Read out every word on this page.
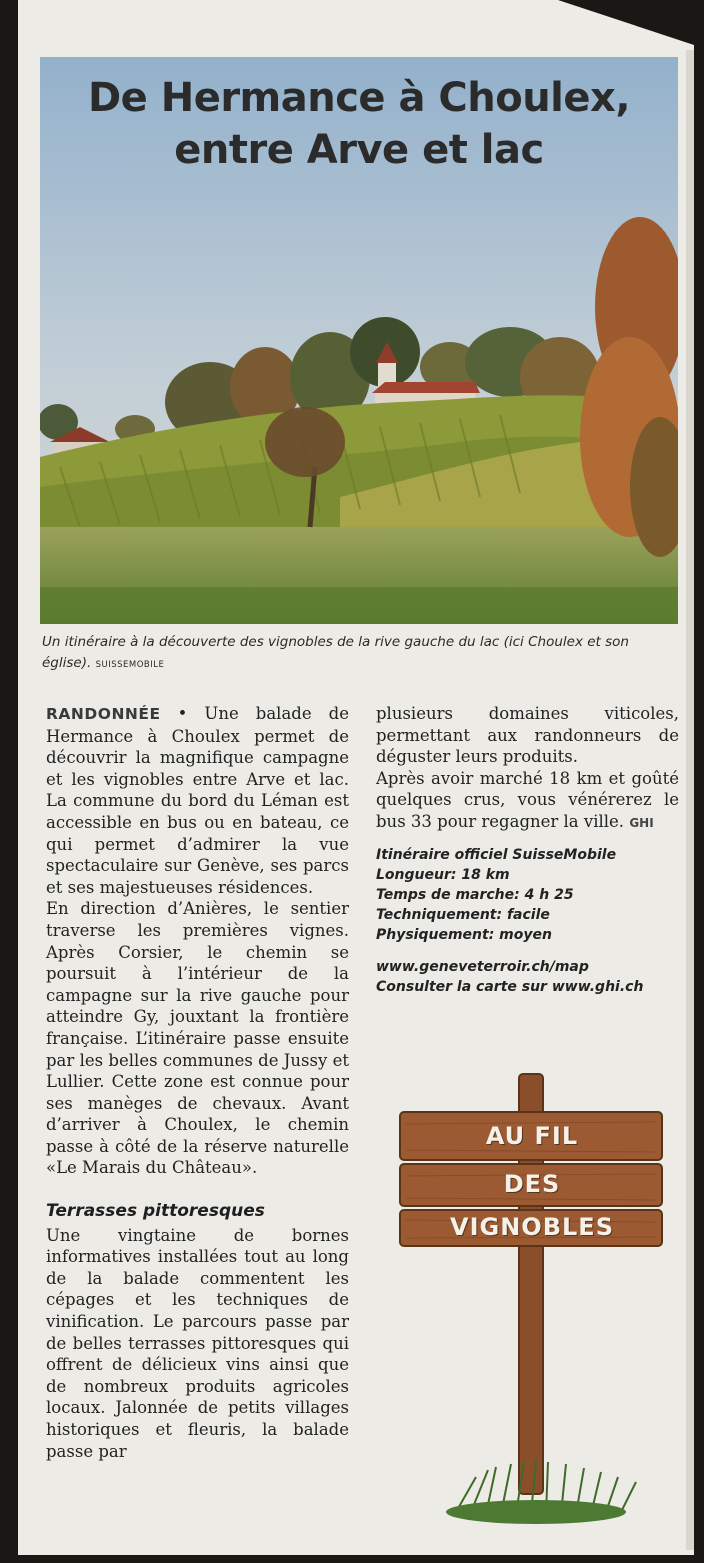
De Hermance à Choulex,
entre Arve et lac
Un itinéraire à la découverte des vignobles de la rive gauche du lac (ici Choulex et son église). SUISSEMOBILE

RANDONNÉE • Une balade de Hermance à Choulex permet de découvrir la magnifique campagne et les vignobles entre Arve et lac. La commune du bord du Léman est accessible en bus ou en bateau, ce qui permet d’admirer la vue spectaculaire sur Genève, ses parcs et ses majestueuses résidences.

En direction d’Anières, le sentier traverse les premières vignes. Après Corsier, le chemin se poursuit à l’intérieur de la campagne sur la rive gauche pour atteindre Gy, jouxtant la frontière française. L’itinéraire passe ensuite par les belles communes de Jussy et Lullier. Cette zone est connue pour ses manèges de chevaux. Avant d’arriver à Choulex, le chemin passe à côté de la réserve naturelle «Le Marais du Château».

Terrasses pittoresques

Une vingtaine de bornes informatives installées tout au long de la balade commentent les cépages et les techniques de vinification. Le parcours passe par de belles terrasses pittoresques qui offrent de délicieux vins ainsi que de nombreux produits agricoles locaux. Jalonnée de petits villages historiques et fleuris, la balade passe par

plusieurs domaines viticoles, permettant aux randonneurs de déguster leurs produits.

Après avoir marché 18 km et goûté quelques crus, vous vénérerez le bus 33 pour regagner la ville. GHI

Itinéraire officiel SuisseMobile
Longueur: 18 km
Temps de marche: 4 h 25
Techniquement: facile
Physiquement: moyen
www.geneveterroir.ch/map
Consulter la carte sur www.ghi.ch
AU FIL
DES
VIGNOBLES
